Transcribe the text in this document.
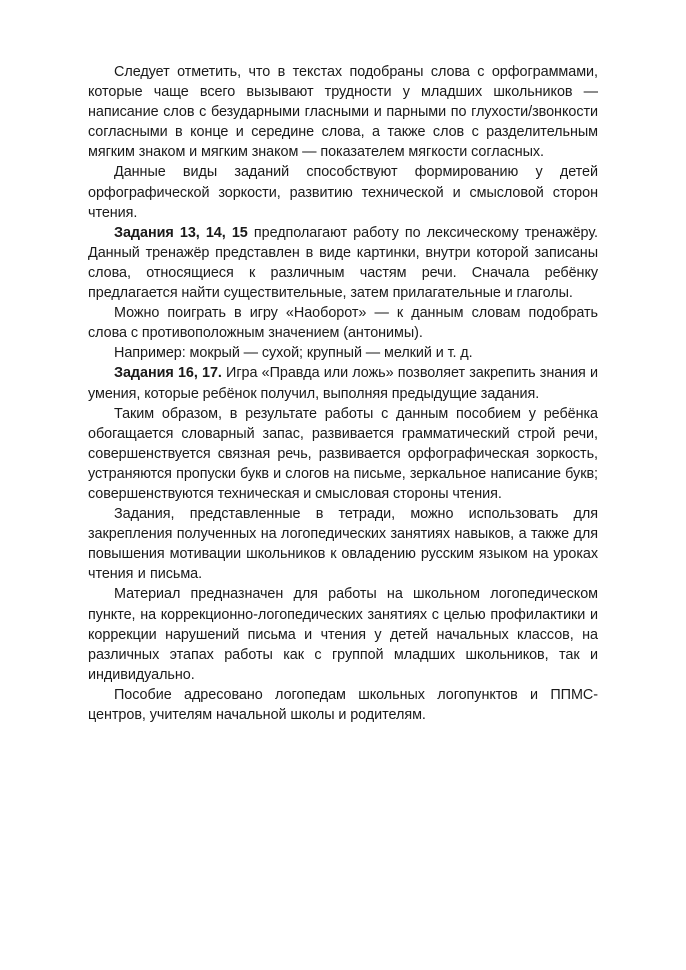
Следует отметить, что в текстах подобраны слова с орфограммами, которые чаще всего вызывают трудности у младших школьников — написание слов с безударными гласными и парными по глухости/звонкости согласными в конце и середине слова, а также слов с разделительным мягким знаком и мягким знаком — показателем мягкости согласных.

Данные виды заданий способствуют формированию у детей орфографической зоркости, развитию технической и смысловой сторон чтения.

Задания 13, 14, 15 предполагают работу по лексическому тренажёру. Данный тренажёр представлен в виде картинки, внутри которой записаны слова, относящиеся к различным частям речи. Сначала ребёнку предлагается найти существительные, затем прилагательные и глаголы.

Можно поиграть в игру «Наоборот» — к данным словам подобрать слова с противоположным значением (антонимы).

Например: мокрый — сухой; крупный — мелкий и т. д.

Задания 16, 17. Игра «Правда или ложь» позволяет закрепить знания и умения, которые ребёнок получил, выполняя предыдущие задания.

Таким образом, в результате работы с данным пособием у ребёнка обогащается словарный запас, развивается грамматический строй речи, совершенствуется связная речь, развивается орфографическая зоркость, устраняются пропуски букв и слогов на письме, зеркальное написание букв; совершенствуются техническая и смысловая стороны чтения.

Задания, представленные в тетради, можно использовать для закрепления полученных на логопедических занятиях навыков, а также для повышения мотивации школьников к овладению русским языком на уроках чтения и письма.

Материал предназначен для работы на школьном логопедическом пункте, на коррекционно-логопедических занятиях с целью профилактики и коррекции нарушений письма и чтения у детей начальных классов, на различных этапах работы как с группой младших школьников, так и индивидуально.

Пособие адресовано логопедам школьных логопунктов и ППМС-центров, учителям начальной школы и родителям.
